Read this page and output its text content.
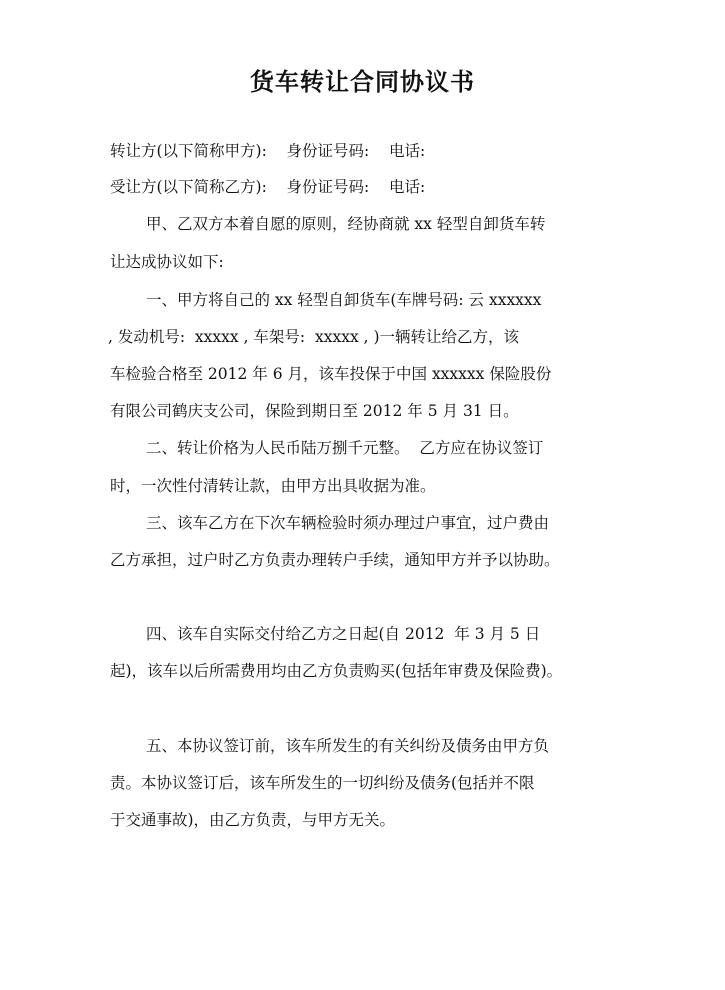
货车转让合同协议书
转让方(以下简称甲方):    身份证号码:    电话:
受让方(以下简称乙方):    身份证号码:    电话:
甲、乙双方本着自愿的原则，经协商就 xx 轻型自卸货车转
让达成协议如下:
一、甲方将自己的 xx 轻型自卸货车(车牌号码: 云 xxxxxx
, 发动机号:  xxxxx , 车架号:  xxxxx , )一辆转让给乙方，该
车检验合格至 2012 年 6 月，该车投保于中国 xxxxxx 保险股份
有限公司鹤庆支公司，保险到期日至 2012 年 5 月 31 日。
二、转让价格为人民币陆万捌千元整。  乙方应在协议签订
时，一次性付清转让款，由甲方出具收据为准。
三、该车乙方在下次车辆检验时须办理过户事宜，过户费由
乙方承担，过户时乙方负责办理转户手续，通知甲方并予以协助。
四、该车自实际交付给乙方之日起(自 2012  年 3 月 5 日
起)，该车以后所需费用均由乙方负责购买(包括年审费及保险费)。
五、本协议签订前，该车所发生的有关纠纷及债务由甲方负
责。本协议签订后，该车所发生的一切纠纷及债务(包括并不限
于交通事故)，由乙方负责，与甲方无关。
